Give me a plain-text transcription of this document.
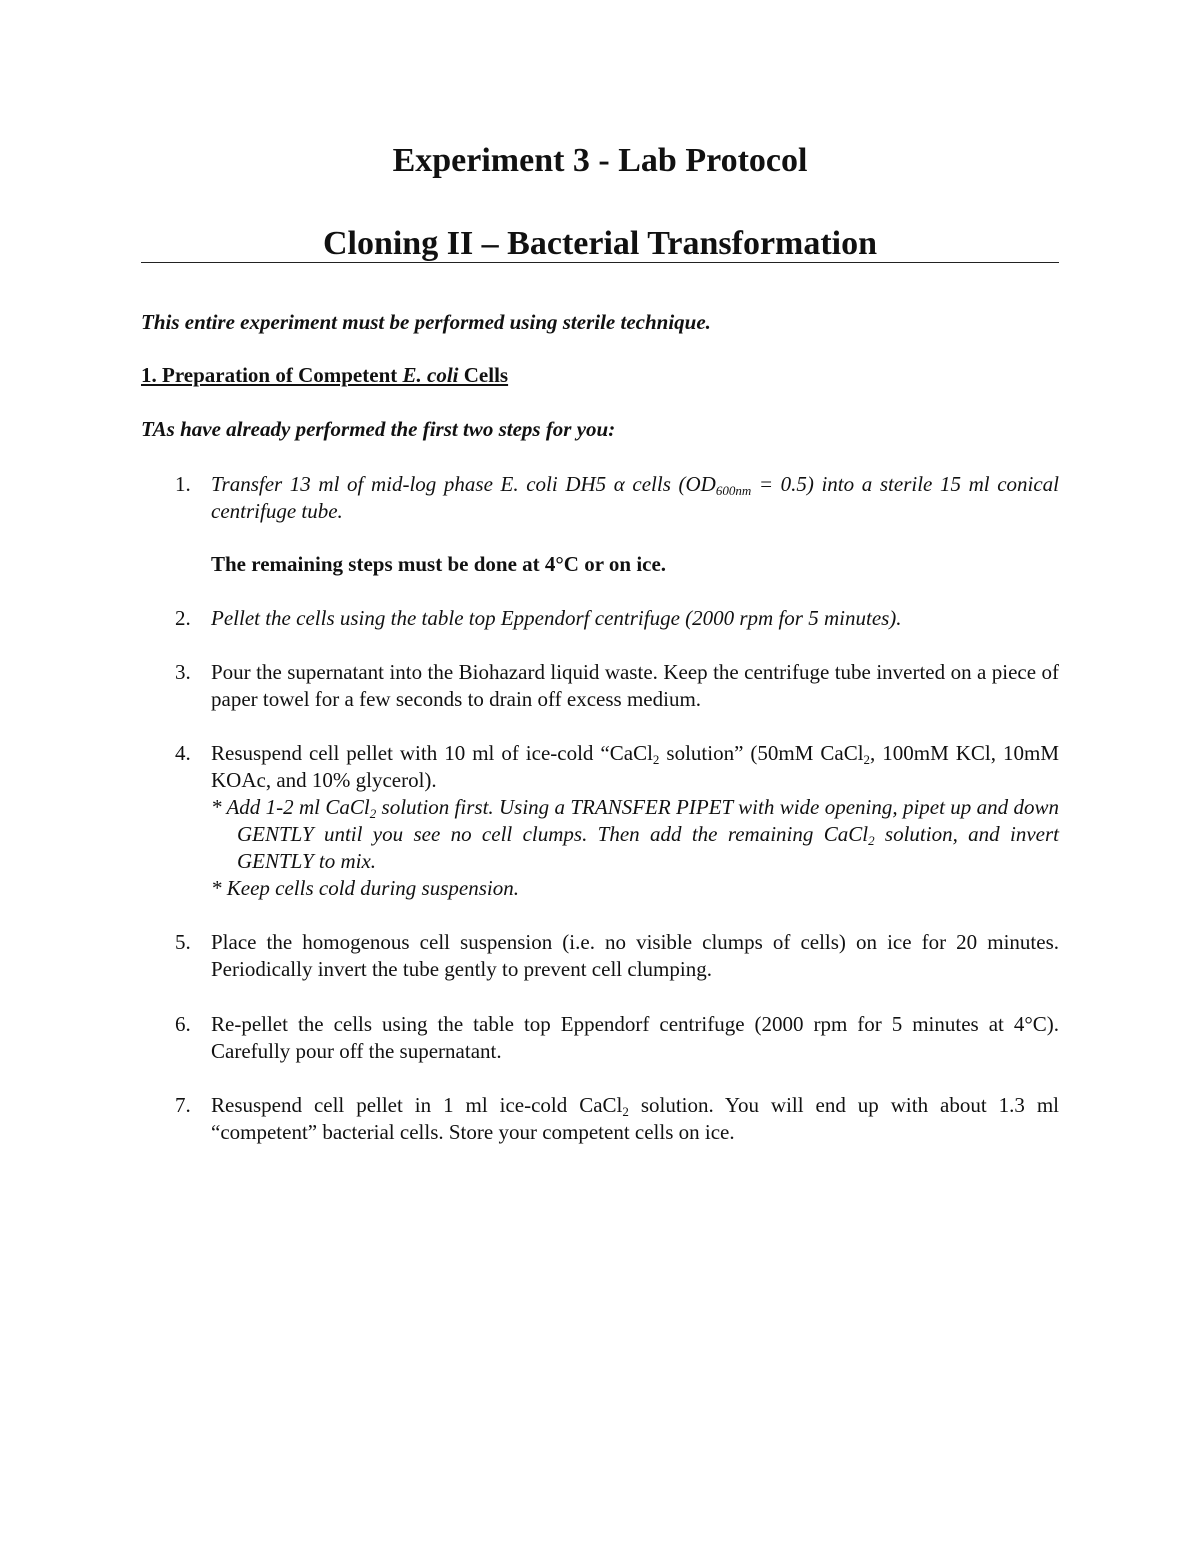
Experiment 3 - Lab Protocol
Cloning II – Bacterial Transformation
This entire experiment must be performed using sterile technique.
1. Preparation of Competent E. coli Cells
TAs have already performed the first two steps for you:
1. Transfer 13 ml of mid-log phase E. coli DH5 α cells $(OD_{600nm} = 0.5)$ into a sterile 15 ml conical centrifuge tube.
The remaining steps must be done at 4°C or on ice.
2. Pellet the cells using the table top Eppendorf centrifuge (2000 rpm for 5 minutes).
3. Pour the supernatant into the Biohazard liquid waste. Keep the centrifuge tube inverted on a piece of paper towel for a few seconds to drain off excess medium.
4. Resuspend cell pellet with 10 ml of ice-cold “CaCl$_2$ solution” (50mM CaCl$_2$, 100mM KCl, 10mM KOAc, and 10% glycerol).
* Add 1-2 ml CaCl$_2$ solution first. Using a TRANSFER PIPET with wide opening, pipet up and down GENTLY until you see no cell clumps. Then add the remaining CaCl$_2$ solution, and invert GENTLY to mix.
* Keep cells cold during suspension.
5. Place the homogenous cell suspension (i.e. no visible clumps of cells) on ice for 20 minutes. Periodically invert the tube gently to prevent cell clumping.
6. Re-pellet the cells using the table top Eppendorf centrifuge (2000 rpm for 5 minutes at 4°C). Carefully pour off the supernatant.
7. Resuspend cell pellet in 1 ml ice-cold CaCl$_2$ solution. You will end up with about 1.3 ml “competent” bacterial cells. Store your competent cells on ice.
